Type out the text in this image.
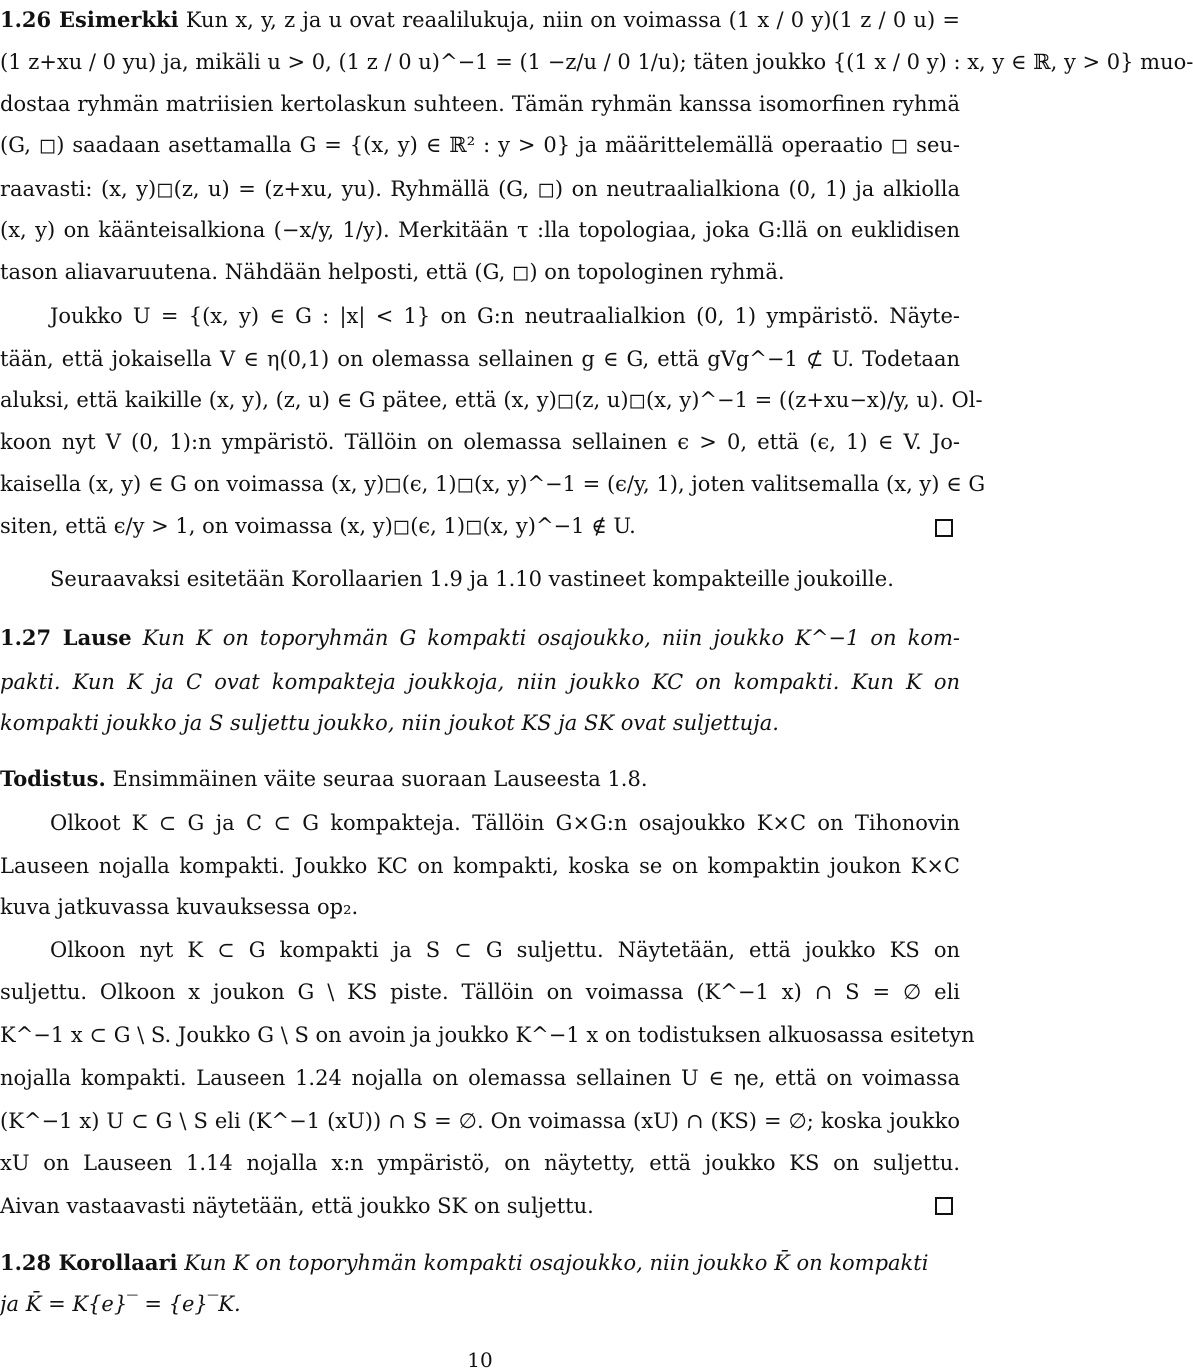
1.26 Esimerkki Kun x, y, z ja u ovat reaalilukuja, niin on voimassa (1 x / 0 y)(1 z / 0 u) =
(1 z+xu / 0 yu) ja, mikäli u > 0, (1 z / 0 u)^−1 = (1 −z/u / 0 1/u); täten joukko {(1 x / 0 y) : x, y ∈ ℝ, y > 0} muo-
dostaa ryhmän matriisien kertolaskun suhteen. Tämän ryhmän kanssa isomorfinen ryhmä
(G, ◻) saadaan asettamalla G = {(x, y) ∈ ℝ² : y > 0} ja määrittelemällä operaatio ◻ seu-
raavasti: (x, y)◻(z, u) = (z+xu, yu). Ryhmällä (G, ◻) on neutraalialkiona (0, 1) ja alkiolla
(x, y) on käänteisalkiona (−x/y, 1/y). Merkitään τ :lla topologiaa, joka G:llä on euklidisen
tason aliavaruutena. Nähdään helposti, että (G, ◻) on topologinen ryhmä.
Joukko U = {(x, y) ∈ G : |x| < 1} on G:n neutraalialkion (0, 1) ympäristö. Näyte-
tään, että jokaisella V ∈ η(0,1) on olemassa sellainen g ∈ G, että gVg^−1 ⊄ U. Todetaan
aluksi, että kaikille (x, y), (z, u) ∈ G pätee, että (x, y)◻(z, u)◻(x, y)^−1 = ((z+xu−x)/y, u). Ol-
koon nyt V (0, 1):n ympäristö. Tällöin on olemassa sellainen ϵ > 0, että (ϵ, 1) ∈ V. Jo-
kaisella (x, y) ∈ G on voimassa (x, y)◻(ϵ, 1)◻(x, y)^−1 = (ϵ/y, 1), joten valitsemalla (x, y) ∈ G
siten, että ϵ/y > 1, on voimassa (x, y)◻(ϵ, 1)◻(x, y)^−1 ∉ U.
Seuraavaksi esitetään Korollaarien 1.9 ja 1.10 vastineet kompakteille joukoille.
1.27 Lause Kun K on toporyhmän G kompakti osajoukko, niin joukko K^−1 on kom-
pakti. Kun K ja C ovat kompakteja joukkoja, niin joukko KC on kompakti. Kun K on
kompakti joukko ja S suljettu joukko, niin joukot KS ja SK ovat suljettuja.
Todistus. Ensimmäinen väite seuraa suoraan Lauseesta 1.8.
Olkoot K ⊂ G ja C ⊂ G kompakteja. Tällöin G×G:n osajoukko K×C on Tihonovin
Lauseen nojalla kompakti. Joukko KC on kompakti, koska se on kompaktin joukon K×C
kuva jatkuvassa kuvauksessa op₂.
Olkoon nyt K ⊂ G kompakti ja S ⊂ G suljettu. Näytetään, että joukko KS on
suljettu. Olkoon x joukon G \ KS piste. Tällöin on voimassa (K^−1 x) ∩ S = ∅ eli
K^−1 x ⊂ G \ S. Joukko G \ S on avoin ja joukko K^−1 x on todistuksen alkuosassa esitetyn
nojalla kompakti. Lauseen 1.24 nojalla on olemassa sellainen U ∈ ηe, että on voimassa
(K^−1 x) U ⊂ G \ S eli (K^−1 (xU)) ∩ S = ∅. On voimassa (xU) ∩ (KS) = ∅; koska joukko
xU on Lauseen 1.14 nojalla x:n ympäristö, on näytetty, että joukko KS on suljettu.
Aivan vastaavasti näytetään, että joukko SK on suljettu.
1.28 Korollaari Kun K on toporyhmän kompakti osajoukko, niin joukko K̄ on kompakti
ja K̄ = K{e}‾ = {e}‾K.
10
